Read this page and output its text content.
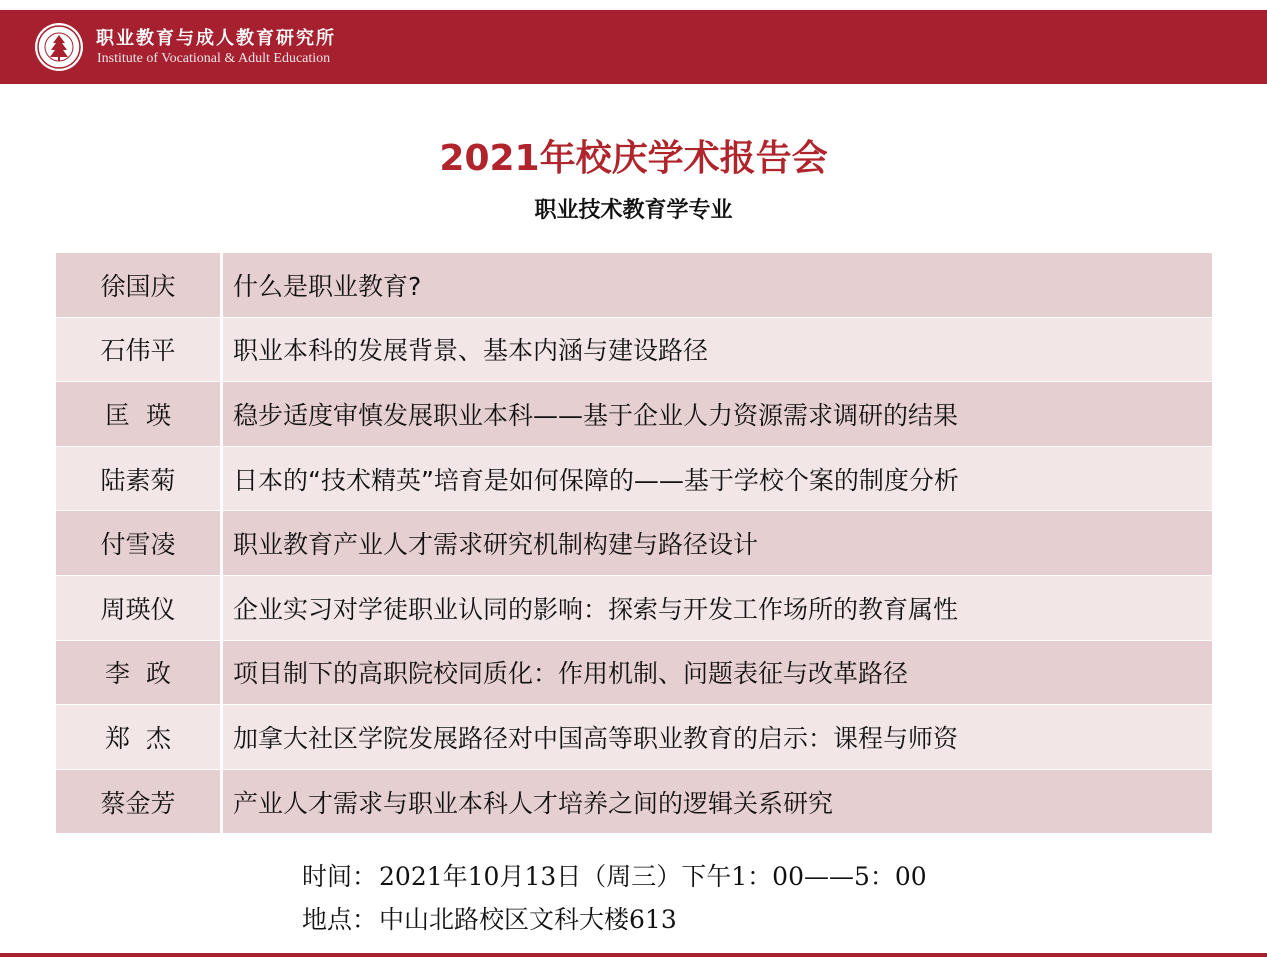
职业教育与成人教育研究所
Institute of Vocational & Adult Education
2021年校庆学术报告会
职业技术教育学专业
徐国庆	什么是职业教育?
石伟平	职业本科的发展背景、基本内涵与建设路径
匡  瑛	稳步适度审慎发展职业本科——基于企业人力资源需求调研的结果
陆素菊	日本的“技术精英”培育是如何保障的——基于学校个案的制度分析
付雪凌	职业教育产业人才需求研究机制构建与路径设计
周瑛仪	企业实习对学徒职业认同的影响：探索与开发工作场所的教育属性
李  政	项目制下的高职院校同质化：作用机制、问题表征与改革路径
郑  杰	加拿大社区学院发展路径对中国高等职业教育的启示：课程与师资
蔡金芳	产业人才需求与职业本科人才培养之间的逻辑关系研究
时间：2021年10月13日（周三）下午1：00——5：00
地点：中山北路校区文科大楼613
